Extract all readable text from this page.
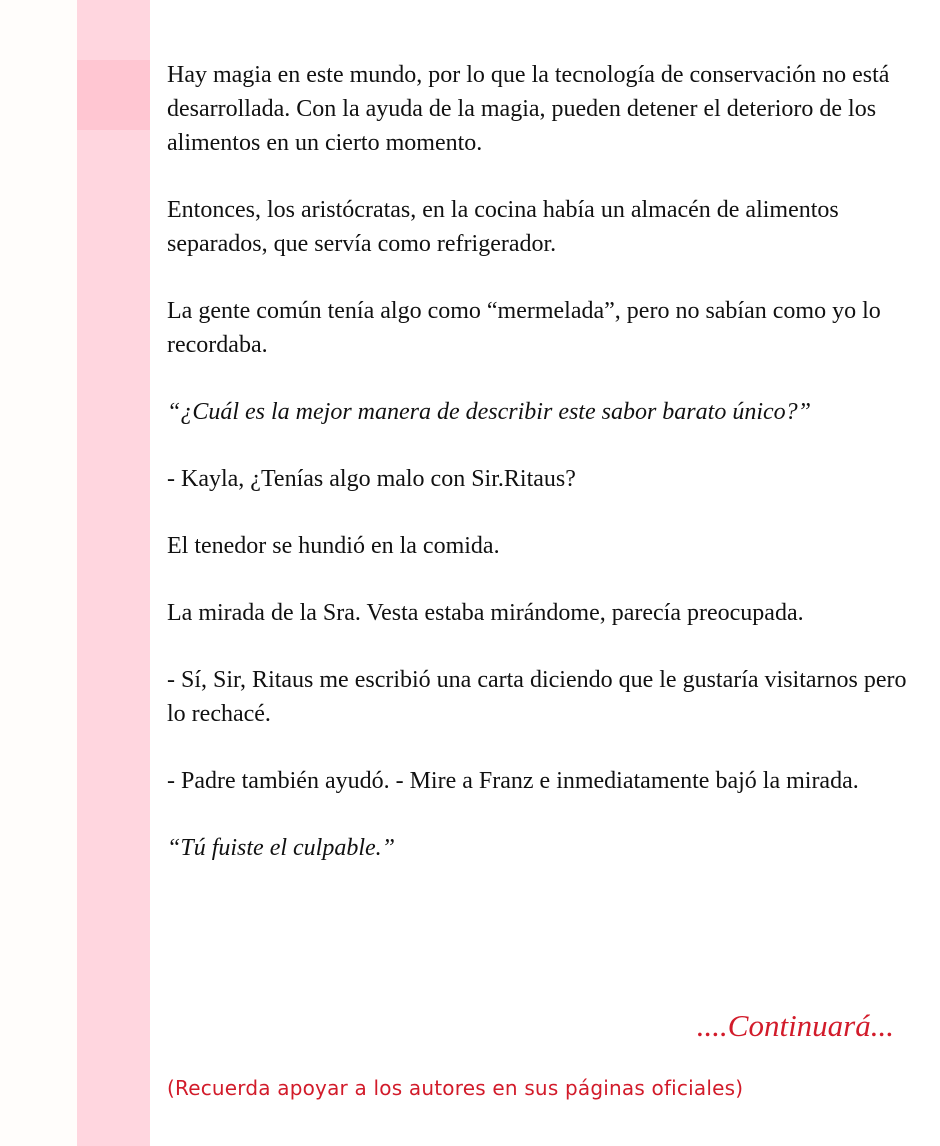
Hay magia en este mundo, por lo que la tecnología de conservación no está desarrollada. Con la ayuda de la magia, pueden detener el deterioro de los alimentos en un cierto momento.

Entonces, los aristócratas, en la cocina había un almacén de alimentos separados, que servía como refrigerador.

La gente común tenía algo como “mermelada”, pero no sabían como yo lo recordaba.

“¿Cuál es la mejor manera de describir este sabor barato único?”

- Kayla, ¿Tenías algo malo con Sir.Ritaus?

El tenedor se hundió en la comida.

La mirada de la Sra. Vesta estaba mirándome, parecía preocupada.

- Sí, Sir, Ritaus me escribió una carta diciendo que le gustaría visitarnos pero lo rechacé.

- Padre también ayudó. - Mire a Franz e inmediatamente bajó la mirada.

“Tú fuiste el culpable.”

....Continuará...
(Recuerda apoyar a los autores en sus páginas oficiales)
